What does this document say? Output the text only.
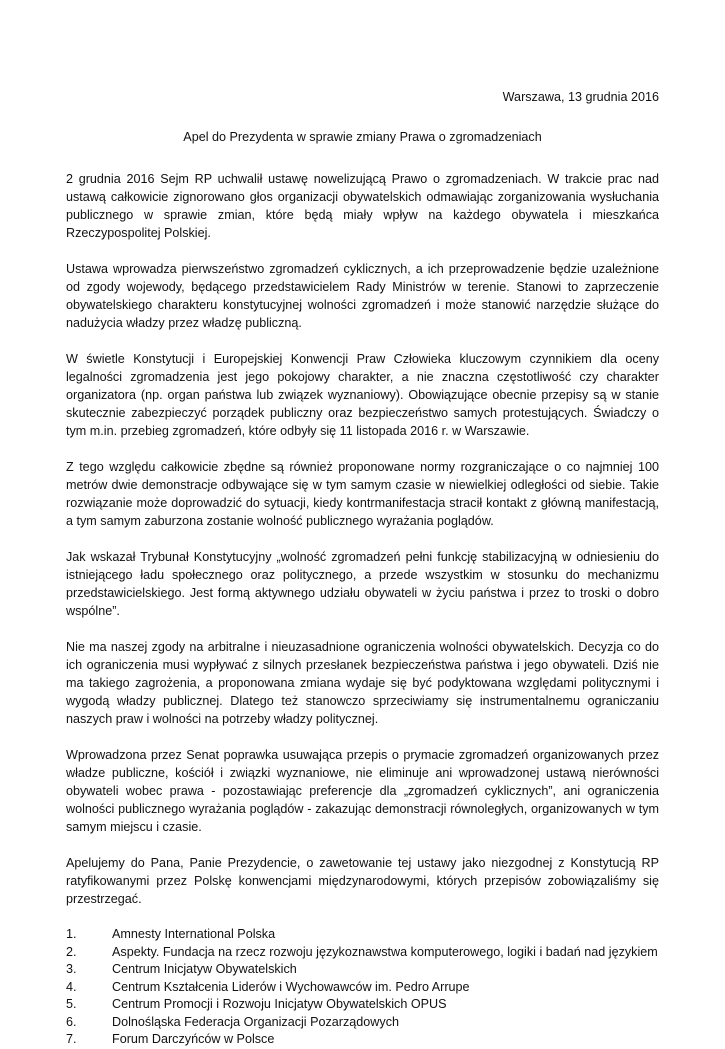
Warszawa, 13 grudnia 2016
Apel do Prezydenta w sprawie zmiany Prawa o zgromadzeniach

2 grudnia 2016 Sejm RP uchwalił ustawę nowelizującą Prawo o zgromadzeniach. W trakcie prac nad ustawą całkowicie zignorowano głos organizacji obywatelskich odmawiając zorganizowania wysłuchania publicznego w sprawie zmian, które będą miały wpływ na każdego obywatela i mieszkańca Rzeczypospolitej Polskiej.

Ustawa wprowadza pierwszeństwo zgromadzeń cyklicznych, a ich przeprowadzenie będzie uzależnione od zgody wojewody, będącego przedstawicielem Rady Ministrów w terenie. Stanowi to zaprzeczenie obywatelskiego charakteru konstytucyjnej wolności zgromadzeń i może stanowić narzędzie służące do nadużycia władzy przez władzę publiczną.

W świetle Konstytucji i Europejskiej Konwencji Praw Człowieka kluczowym czynnikiem dla oceny legalności zgromadzenia jest jego pokojowy charakter, a nie znaczna częstotliwość czy charakter organizatora (np. organ państwa lub związek wyznaniowy). Obowiązujące obecnie przepisy są w stanie skutecznie zabezpieczyć porządek publiczny oraz bezpieczeństwo samych protestujących. Świadczy o tym m.in. przebieg zgromadzeń, które odbyły się 11 listopada 2016 r. w Warszawie.

Z tego względu całkowicie zbędne są również proponowane normy rozgraniczające o co najmniej 100 metrów dwie demonstracje odbywające się w tym samym czasie w niewielkiej odległości od siebie. Takie rozwiązanie może doprowadzić do sytuacji, kiedy kontrmanifestacja stracił kontakt z główną manifestacją, a tym samym zaburzona zostanie wolność publicznego wyrażania poglądów.

Jak wskazał Trybunał Konstytucyjny „wolność zgromadzeń pełni funkcję stabilizacyjną w odniesieniu do istniejącego ładu społecznego oraz politycznego, a przede wszystkim w stosunku do mechanizmu przedstawicielskiego. Jest formą aktywnego udziału obywateli w życiu państwa i przez to troski o dobro wspólne”.

Nie ma naszej zgody na arbitralne i nieuzasadnione ograniczenia wolności obywatelskich. Decyzja co do ich ograniczenia musi wypływać z silnych przesłanek bezpieczeństwa państwa i jego obywateli. Dziś nie ma takiego zagrożenia, a proponowana zmiana wydaje się być podyktowana względami politycznymi i wygodą władzy publicznej. Dlatego też stanowczo sprzeciwiamy się instrumentalnemu ograniczaniu naszych praw i wolności na potrzeby władzy politycznej.

Wprowadzona przez Senat poprawka usuwająca przepis o prymacie zgromadzeń organizowanych przez władze publiczne, kościół i związki wyznaniowe, nie eliminuje ani wprowadzonej ustawą nierówności obywateli wobec prawa - pozostawiając preferencje dla „zgromadzeń cyklicznych”, ani ograniczenia wolności publicznego wyrażania poglądów - zakazując demonstracji równoległych, organizowanych w tym samym miejscu i czasie.

Apelujemy do Pana, Panie Prezydencie, o zawetowanie tej ustawy jako niezgodnej z Konstytucją RP ratyfikowanymi przez Polskę konwencjami międzynarodowymi, których przepisów zobowiązaliśmy się przestrzegać.

1.	Amnesty International Polska
2.	Aspekty. Fundacja na rzecz rozwoju językoznawstwa komputerowego, logiki i badań nad językiem
3.	Centrum Inicjatyw Obywatelskich
4.	Centrum Kształcenia Liderów i Wychowawców im. Pedro Arrupe
5.	Centrum Promocji i Rozwoju Inicjatyw Obywatelskich OPUS
6.	Dolnośląska Federacja Organizacji Pozarządowych
7.	Forum Darczyńców w Polsce
